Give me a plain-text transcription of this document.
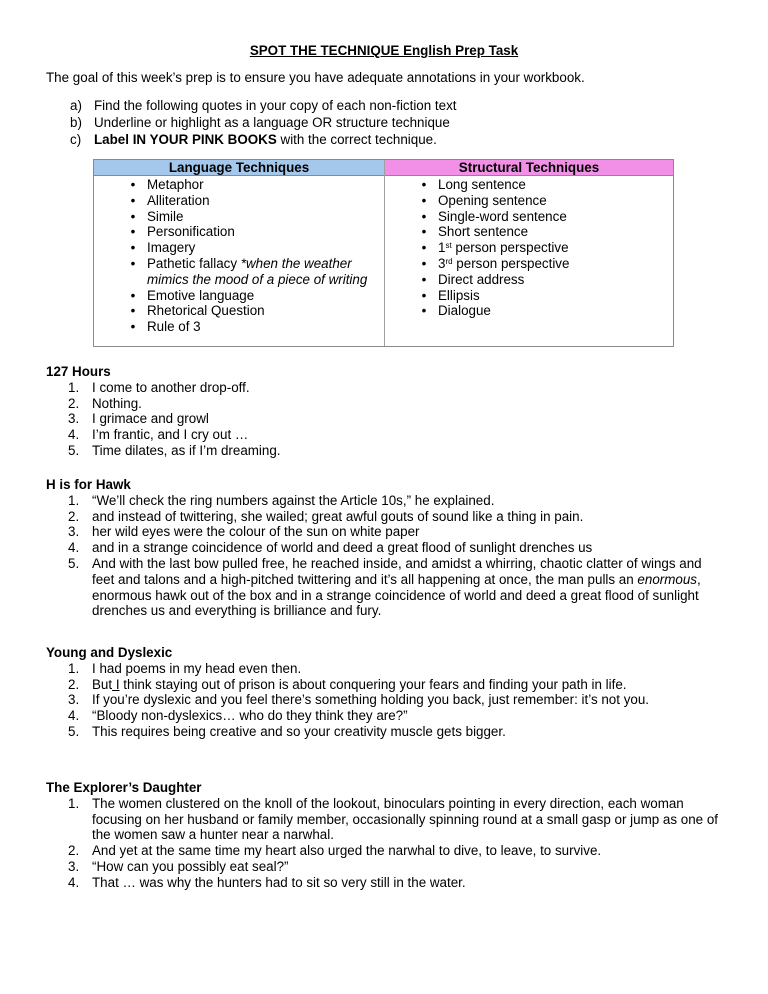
SPOT THE TECHNIQUE English Prep Task
The goal of this week’s prep is to ensure you have adequate annotations in your workbook.
a) Find the following quotes in your copy of each non-fiction text
b) Underline or highlight as a language OR structure technique
c) Label IN YOUR PINK BOOKS with the correct technique.
Language Techniques
• Metaphor
• Alliteration
• Simile
• Personification
• Imagery
• Pathetic fallacy *when the weather mimics the mood of a piece of writing
• Emotive language
• Rhetorical Question
• Rule of 3
Structural Techniques
• Long sentence
• Opening sentence
• Single-word sentence
• Short sentence
• 1st person perspective
• 3rd person perspective
• Direct address
• Ellipsis
• Dialogue
127 Hours
1. I come to another drop-off.
2. Nothing.
3. I grimace and growl
4. I’m frantic, and I cry out …
5. Time dilates, as if I’m dreaming.
H is for Hawk
1. “We’ll check the ring numbers against the Article 10s,” he explained.
2. and instead of twittering, she wailed; great awful gouts of sound like a thing in pain.
3. her wild eyes were the colour of the sun on white paper
4. and in a strange coincidence of world and deed a great flood of sunlight drenches us
5. And with the last bow pulled free, he reached inside, and amidst a whirring, chaotic clatter of wings and feet and talons and a high-pitched twittering and it’s all happening at once, the man pulls an enormous, enormous hawk out of the box and in a strange coincidence of world and deed a great flood of sunlight drenches us and everything is brilliance and fury.
Young and Dyslexic
1. I had poems in my head even then.
2. But I think staying out of prison is about conquering your fears and finding your path in life.
3. If you’re dyslexic and you feel there’s something holding you back, just remember: it’s not you.
4. “Bloody non-dyslexics… who do they think they are?”
5. This requires being creative and so your creativity muscle gets bigger.
The Explorer’s Daughter
1. The women clustered on the knoll of the lookout, binoculars pointing in every direction, each woman focusing on her husband or family member, occasionally spinning round at a small gasp or jump as one of the women saw a hunter near a narwhal.
2. And yet at the same time my heart also urged the narwhal to dive, to leave, to survive.
3. “How can you possibly eat seal?”
4. That … was why the hunters had to sit so very still in the water.
